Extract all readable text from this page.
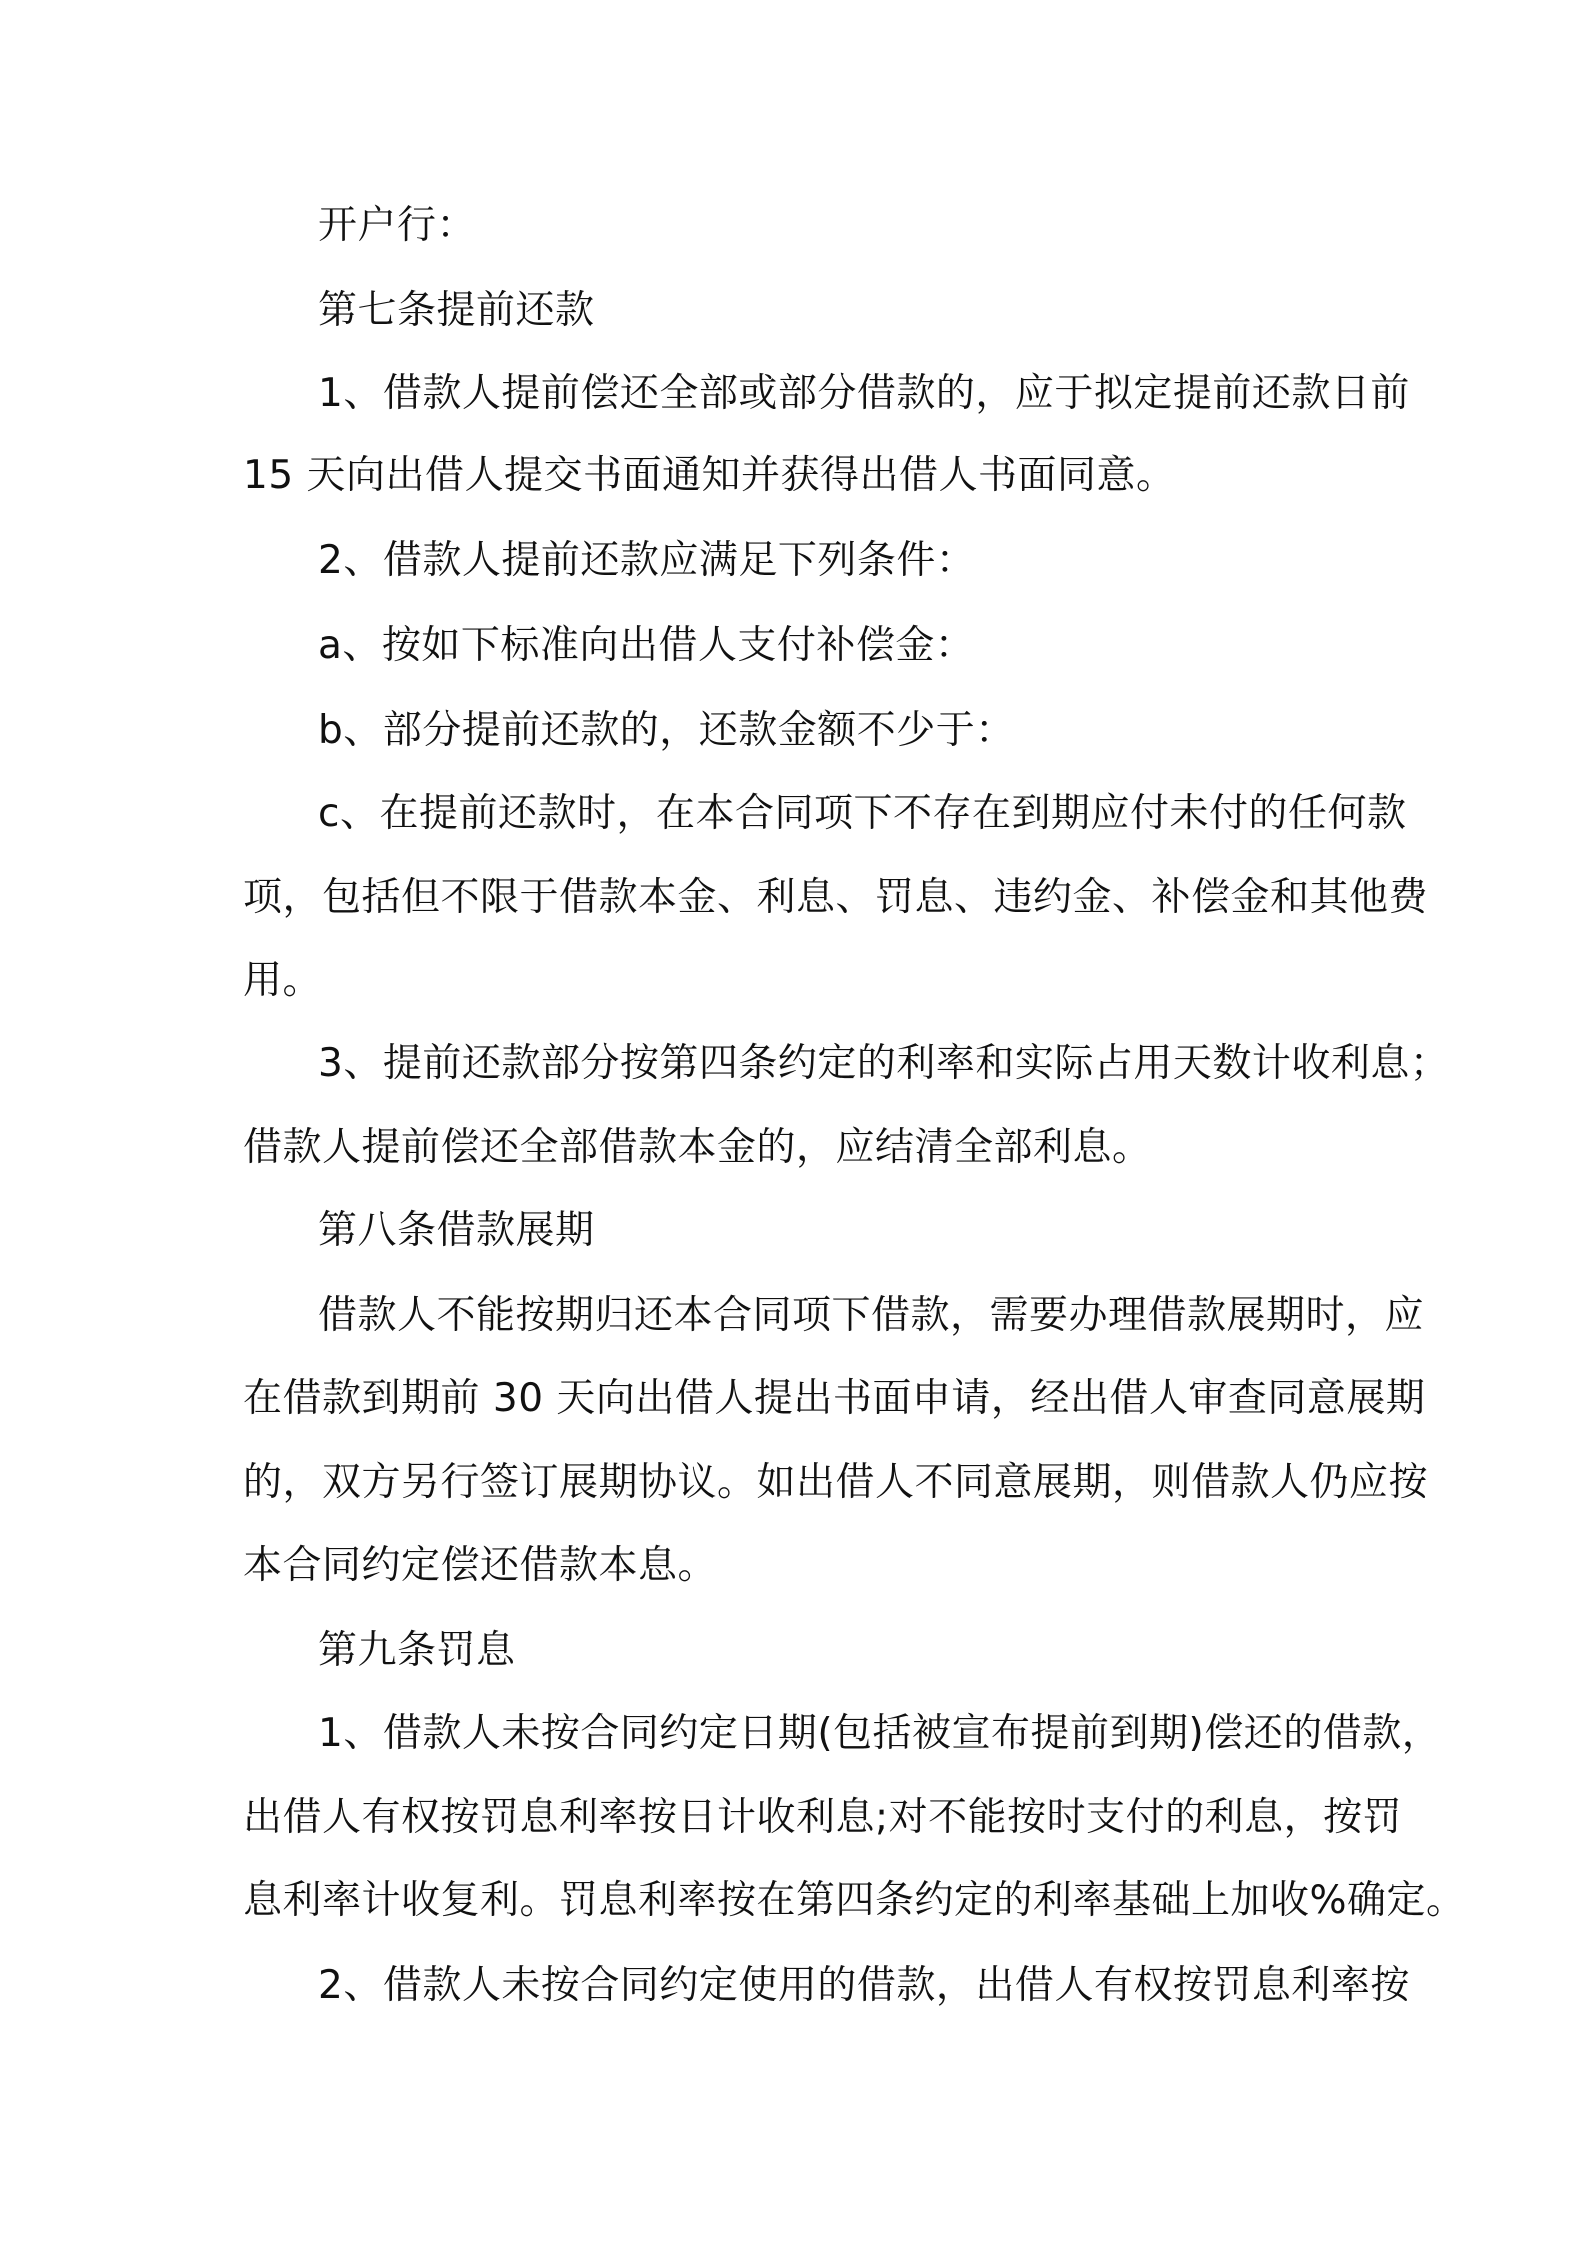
开户行：

第七条提前还款

1、借款人提前偿还全部或部分借款的，应于拟定提前还款日前

15 天向出借人提交书面通知并获得出借人书面同意。

2、借款人提前还款应满足下列条件：

a、按如下标准向出借人支付补偿金：

b、部分提前还款的，还款金额不少于：

c、在提前还款时，在本合同项下不存在到期应付未付的任何款

项，包括但不限于借款本金、利息、罚息、违约金、补偿金和其他费

用。

3、提前还款部分按第四条约定的利率和实际占用天数计收利息；

借款人提前偿还全部借款本金的，应结清全部利息。

第八条借款展期

借款人不能按期归还本合同项下借款，需要办理借款展期时，应

在借款到期前 30 天向出借人提出书面申请，经出借人审查同意展期

的，双方另行签订展期协议。如出借人不同意展期，则借款人仍应按

本合同约定偿还借款本息。

第九条罚息

1、借款人未按合同约定日期(包括被宣布提前到期)偿还的借款，

出借人有权按罚息利率按日计收利息;对不能按时支付的利息，按罚

息利率计收复利。罚息利率按在第四条约定的利率基础上加收%确定。

2、借款人未按合同约定使用的借款，出借人有权按罚息利率按
